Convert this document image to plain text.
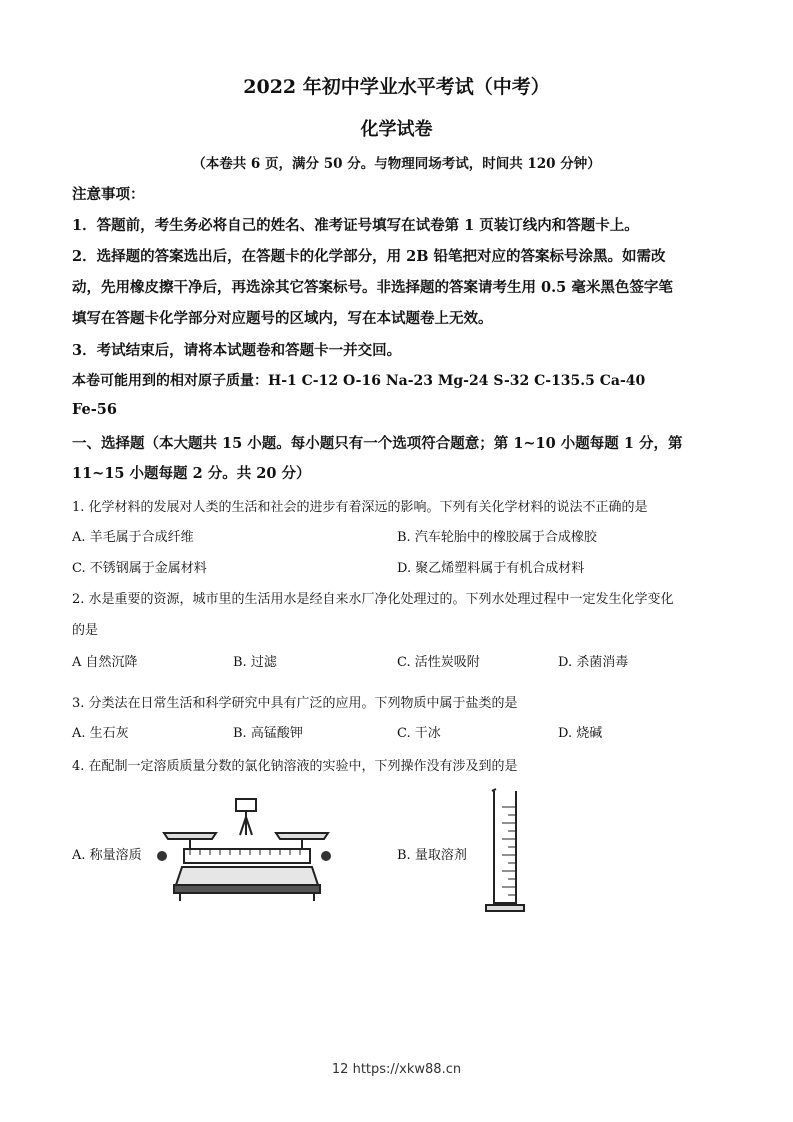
2022 年初中学业水平考试（中考）
化学试卷
（本卷共 6 页，满分 50 分。与物理同场考试，时间共 120 分钟）
注意事项：
1．答题前，考生务必将自己的姓名、准考证号填写在试卷第 1 页装订线内和答题卡上。
2．选择题的答案选出后，在答题卡的化学部分，用 2B 铅笔把对应的答案标号涂黑。如需改
动，先用橡皮擦干净后，再选涂其它答案标号。非选择题的答案请考生用 0.5 毫米黑色签字笔
填写在答题卡化学部分对应题号的区域内，写在本试题卷上无效。
3．考试结束后，请将本试题卷和答题卡一并交回。
本卷可能用到的相对原子质量：H-1 C-12 O-16 Na-23 Mg-24 S-32 C-135.5 Ca-40
Fe-56
一、选择题（本大题共 15 小题。每小题只有一个选项符合题意；第 1~10 小题每题 1 分，第
11~15 小题每题 2 分。共 20 分）
1. 化学材料的发展对人类的生活和社会的进步有着深远的影响。下列有关化学材料的说法不正确的是
A. 羊毛属于合成纤维	B. 汽车轮胎中的橡胶属于合成橡胶
C. 不锈钢属于金属材料	D. 聚乙烯塑料属于有机合成材料
2. 水是重要的资源，城市里的生活用水是经自来水厂净化处理过的。下列水处理过程中一定发生化学变化
的是
A 自然沉降	B. 过滤	C. 活性炭吸附	D. 杀菌消毒
3. 分类法在日常生活和科学研究中具有广泛的应用。下列物质中属于盐类的是
A. 生石灰	B. 高锰酸钾	C. 干冰	D. 烧碱
4. 在配制一定溶质质量分数的氯化钠溶液的实验中，下列操作没有涉及到的是
A. 称量溶质	B. 量取溶剂
12 https://xkw88.cn
